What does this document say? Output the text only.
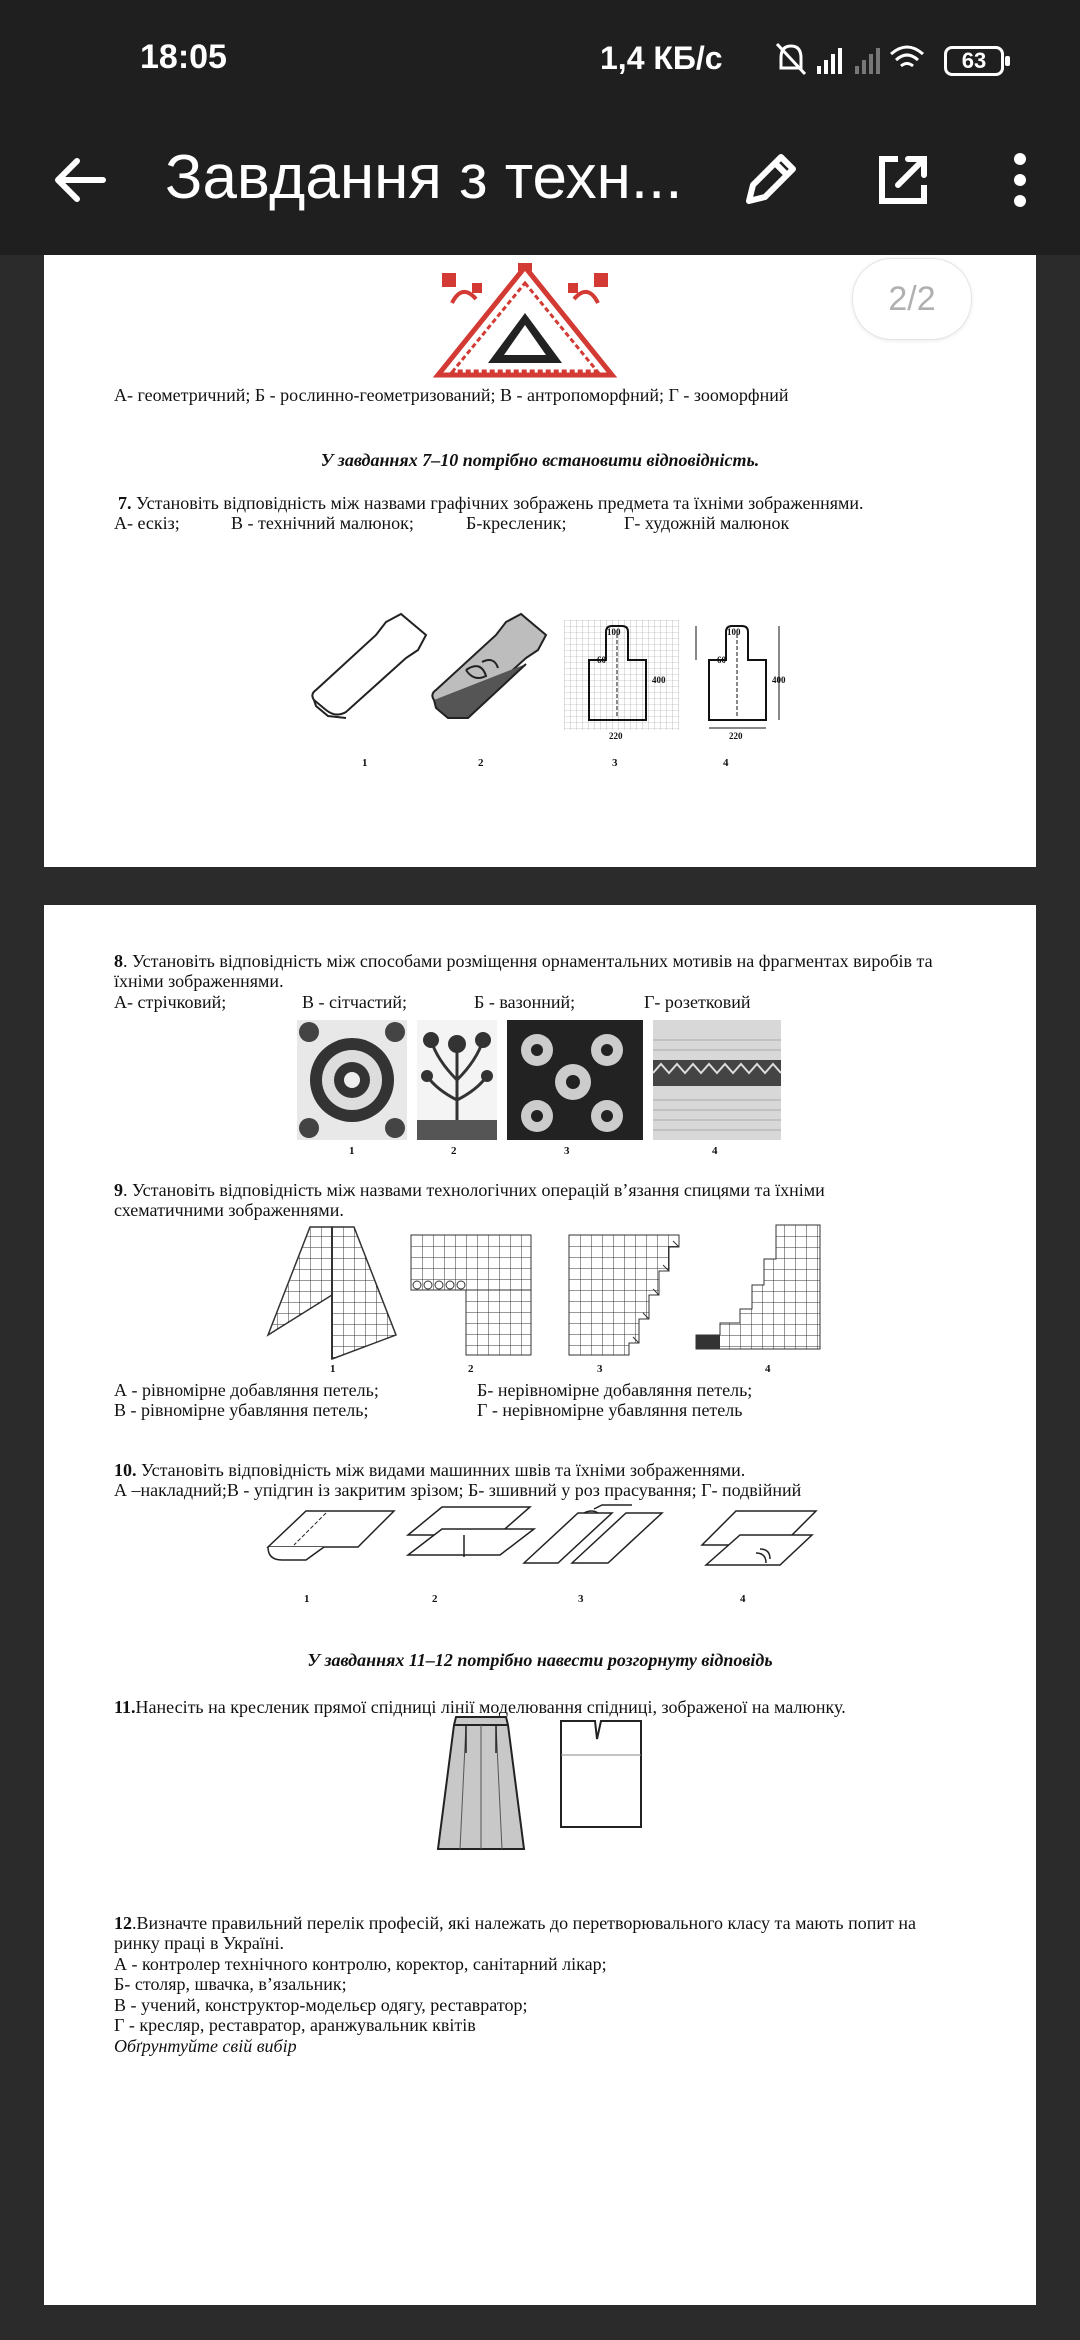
18:05	1,4 КБ/с	63
Завдання з техн...
А- геометричний; Б - рослинно-геометризований; В - антропоморфний; Г - зооморфний
У завданнях 7–10 потрібно встановити відповідність.
7. Установіть відповідність між назвами графічних зображень предмета та їхніми зображеннями.
А- ескіз;	В - технічний малюнок;	Б-кресленик;	Г- художній малюнок
100
60
400
220
100
60
400
220
1	2	3	4
2/2
8. Установіть відповідність між способами розміщення орнаментальних мотивів на фрагментах виробів та
їхніми зображеннями.
А- стрічковий;	В - сітчастий;	Б - вазонний;	Г- розетковий
1	2	3	4
9. Установіть відповідність між назвами технологічних операцій в’язання спицями та їхніми
схематичними зображеннями.
1	2	3	4
А - рівномірне добавляння петель;	Б- нерівномірне добавляння петель;
В - рівномірне убавляння петель;	Г - нерівномірне убавляння петель
10. Установіть відповідність між видами машинних швів та їхніми зображеннями.
А –накладний;В - упідгин із закритим зрізом; Б- зшивний у роз прасування; Г- подвійний
1	2	3	4
У завданнях 11–12 потрібно навести розгорнуту відповідь
11.Нанесіть на кресленик прямої спідниці лінії моделювання спідниці, зображеної на малюнку.
12.Визначте правильний перелік професій, які належать до перетворювального класу та мають попит на
ринку праці в Україні.
А - контролер технічного контролю, коректор, санітарний лікар;
Б- столяр, швачка, в’язальник;
В - учений, конструктор-модельєр одягу, реставратор;
Г - кресляр, реставратор, аранжувальник квітів
Обґрунтуйте свій вибір
